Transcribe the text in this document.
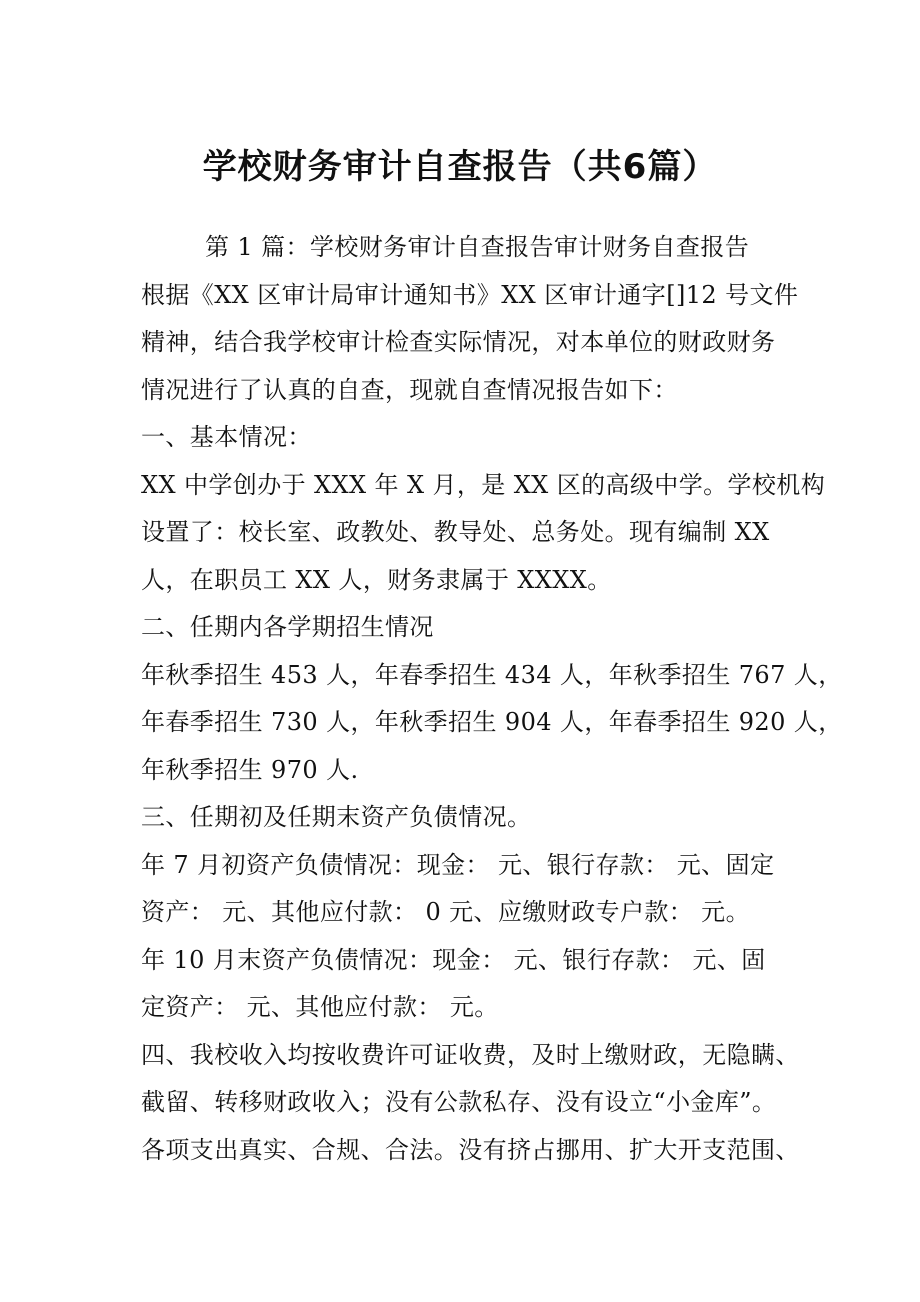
学校财务审计自查报告（共6篇）
第 1 篇：学校财务审计自查报告审计财务自查报告
根据《XX 区审计局审计通知书》XX 区审计通字[]12 号文件
精神，结合我学校审计检查实际情况，对本单位的财政财务
情况进行了认真的自查，现就自查情况报告如下：
一、基本情况：
XX 中学创办于 XXX 年 X 月，是 XX 区的高级中学。学校机构
设置了：校长室、政教处、教导处、总务处。现有编制 XX
人，在职员工 XX 人，财务隶属于 XXXX。
二、任期内各学期招生情况
年秋季招生 453 人，年春季招生 434 人，年秋季招生 767 人，
年春季招生 730 人，年秋季招生 904 人，年春季招生 920 人，
年秋季招生 970 人.
三、任期初及任期末资产负债情况。
年 7 月初资产负债情况：现金： 元、银行存款： 元、固定
资产： 元、其他应付款： 0 元、应缴财政专户款： 元。
年 10 月末资产负债情况：现金： 元、银行存款： 元、固
定资产： 元、其他应付款： 元。
四、我校收入均按收费许可证收费，及时上缴财政，无隐瞒、
截留、转移财政收入；没有公款私存、没有设立“小金库”。
各项支出真实、合规、合法。没有挤占挪用、扩大开支范围、
